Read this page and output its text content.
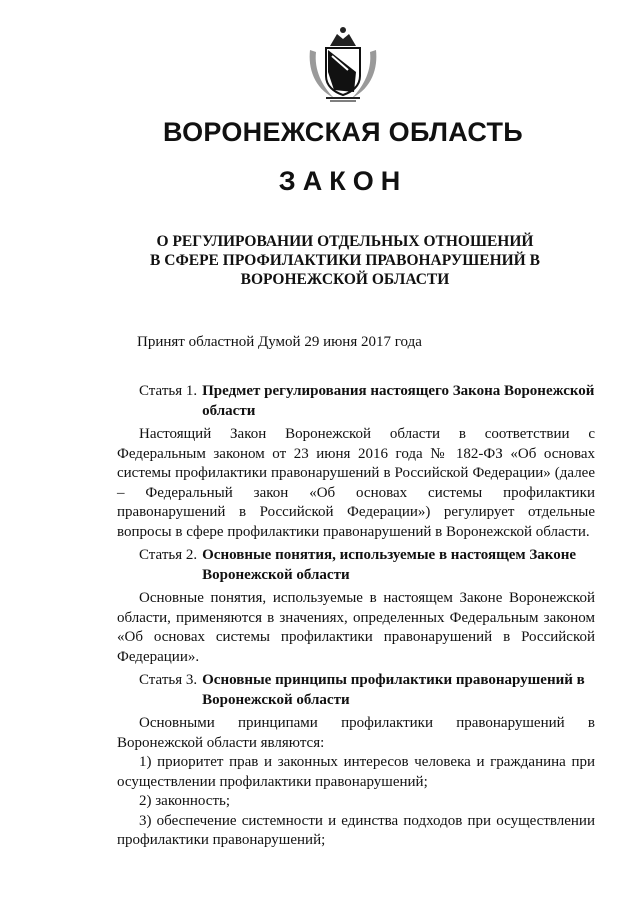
ВОРОНЕЖСКАЯ ОБЛАСТЬ
ЗАКОН
О РЕГУЛИРОВАНИИ ОТДЕЛЬНЫХ ОТНОШЕНИЙ В СФЕРЕ ПРОФИЛАКТИКИ ПРАВОНАРУШЕНИЙ В ВОРОНЕЖСКОЙ ОБЛАСТИ
Принят областной Думой 29 июня 2017 года
Статья 1. Предмет регулирования настоящего Закона Воронежской области

Настоящий Закон Воронежской области в соответствии с Федеральным законом от 23 июня 2016 года № 182-ФЗ «Об основах системы профилактики правонарушений в Российской Федерации» (далее – Федеральный закон «Об основах системы профилактики правонарушений в Российской Федерации») регулирует отдельные вопросы в сфере профилактики правонарушений в Воронежской области.

Статья 2. Основные понятия, используемые в настоящем Законе Воронежской области

Основные понятия, используемые в настоящем Законе Воронежской области, применяются в значениях, определенных Федеральным законом «Об основах системы профилактики правонарушений в Российской Федерации».

Статья 3. Основные принципы профилактики правонарушений в Воронежской области

Основными принципами профилактики правонарушений в Воронежской области являются:

1) приоритет прав и законных интересов человека и гражданина при осуществлении профилактики правонарушений;

2) законность;

3) обеспечение системности и единства подходов при осуществлении профилактики правонарушений;
